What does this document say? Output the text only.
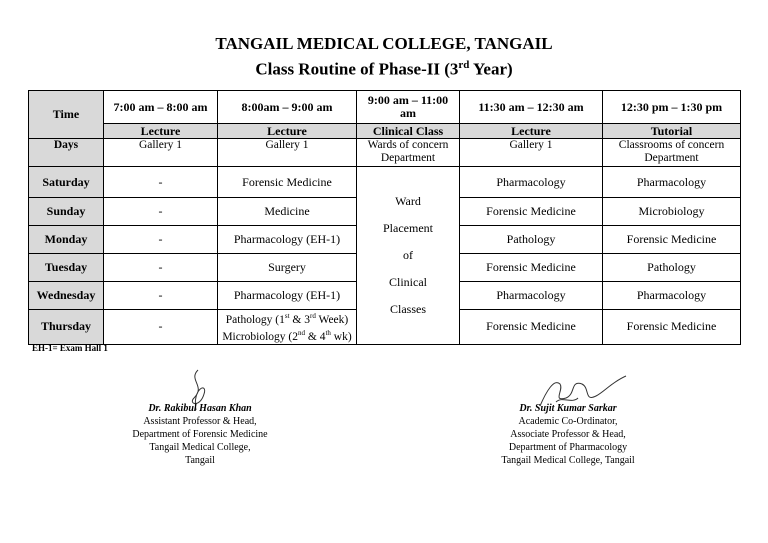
TANGAIL MEDICAL COLLEGE, TANGAIL
Class Routine of Phase-II (3rd Year)
Time	7:00 am – 8:00 am	8:00am – 9:00 am	9:00 am – 11:00 am	11:30 am – 12:30 am	12:30 pm – 1:30 pm
	Lecture	Lecture	Clinical Class	Lecture	Tutorial
Days	Gallery 1	Gallery 1	Wards of concern Department	Gallery 1	Classrooms of concern Department
Saturday	-	Forensic Medicine	Ward
Placement
of
Clinical
Classes	Pharmacology	Pharmacology
Sunday	-	Medicine		Forensic Medicine	Microbiology
Monday	-	Pharmacology (EH-1)		Pathology	Forensic Medicine
Tuesday	-	Surgery		Forensic Medicine	Pathology
Wednesday	-	Pharmacology (EH-1)		Pharmacology	Pharmacology
Thursday	-	Pathology (1st & 3rd Week)
Microbiology (2nd & 4th wk)		Forensic Medicine	Forensic Medicine
EH-1= Exam Hall 1
Dr. Rakibul Hasan Khan
Assistant Professor & Head,
Department of Forensic Medicine
Tangail Medical College,
Tangail
Dr. Sujit Kumar Sarkar
Academic Co-Ordinator,
Associate Professor & Head,
Department of Pharmacology
Tangail Medical College, Tangail
